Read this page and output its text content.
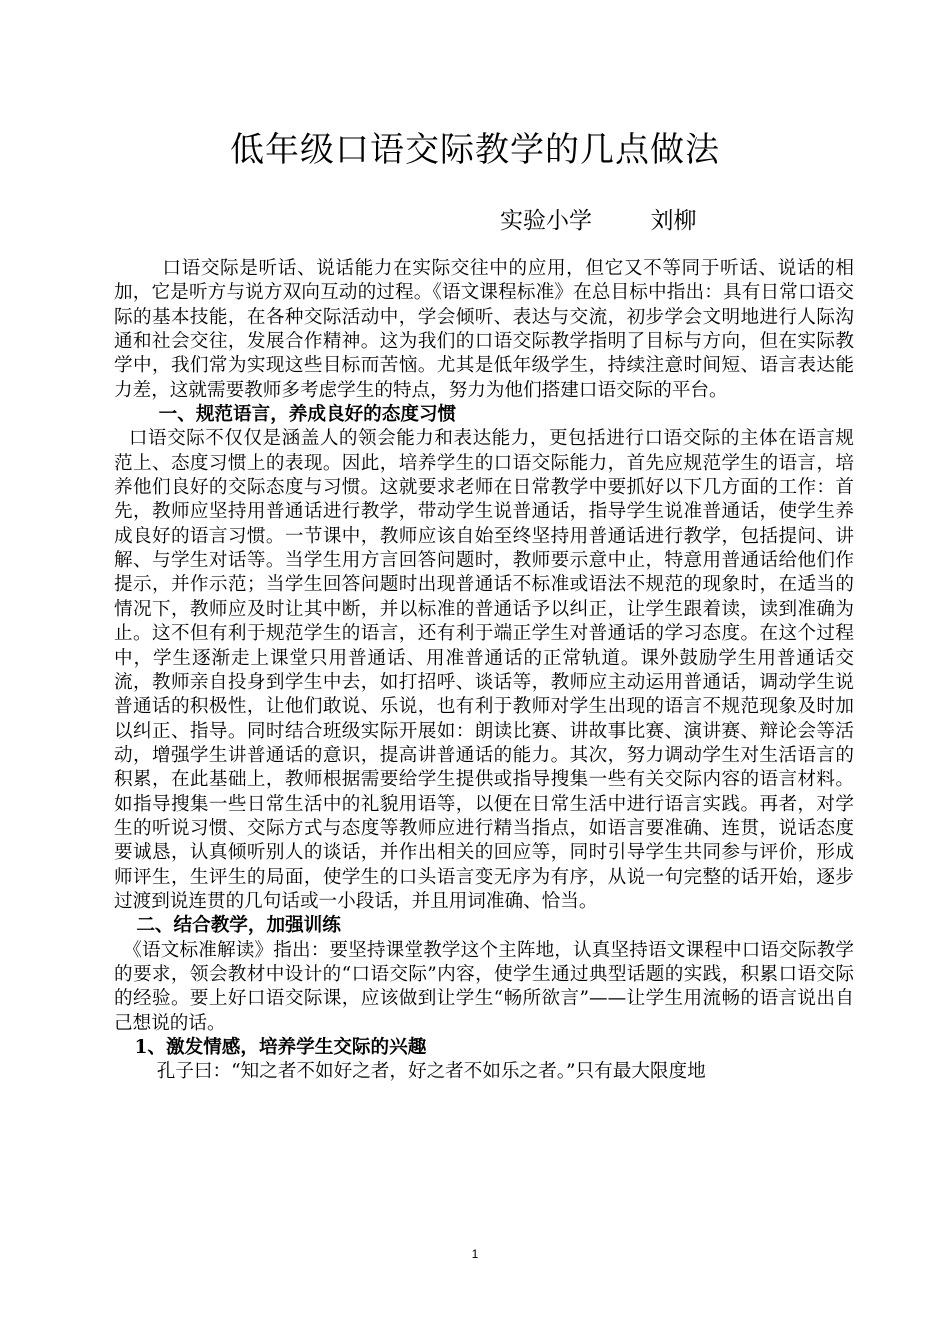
低年级口语交际教学的几点做法
实验小学        刘柳

口语交际是听话、说话能力在实际交往中的应用，但它又不等同于听话、说话的相加，它是听方与说方双向互动的过程。《语文课程标准》在总目标中指出：具有日常口语交际的基本技能，在各种交际活动中，学会倾听、表达与交流，初步学会文明地进行人际沟通和社会交往，发展合作精神。这为我们的口语交际教学指明了目标与方向，但在实际教学中，我们常为实现这些目标而苦恼。尤其是低年级学生，持续注意时间短、语言表达能力差，这就需要教师多考虑学生的特点，努力为他们搭建口语交际的平台。

一、规范语言，养成良好的态度习惯

口语交际不仅仅是涵盖人的领会能力和表达能力，更包括进行口语交际的主体在语言规范上、态度习惯上的表现。因此，培养学生的口语交际能力，首先应规范学生的语言，培养他们良好的交际态度与习惯。这就要求老师在日常教学中要抓好以下几方面的工作：首先，教师应坚持用普通话进行教学，带动学生说普通话，指导学生说准普通话，使学生养成良好的语言习惯。一节课中，教师应该自始至终坚持用普通话进行教学，包括提问、讲解、与学生对话等。当学生用方言回答问题时，教师要示意中止，特意用普通话给他们作提示，并作示范；当学生回答问题时出现普通话不标准或语法不规范的现象时，在适当的情况下，教师应及时让其中断，并以标准的普通话予以纠正，让学生跟着读，读到准确为止。这不但有利于规范学生的语言，还有利于端正学生对普通话的学习态度。在这个过程中，学生逐渐走上课堂只用普通话、用准普通话的正常轨道。课外鼓励学生用普通话交流，教师亲自投身到学生中去，如打招呼、谈话等，教师应主动运用普通话，调动学生说普通话的积极性，让他们敢说、乐说，也有利于教师对学生出现的语言不规范现象及时加以纠正、指导。同时结合班级实际开展如：朗读比赛、讲故事比赛、演讲赛、辩论会等活动，增强学生讲普通话的意识，提高讲普通话的能力。其次，努力调动学生对生活语言的积累，在此基础上，教师根据需要给学生提供或指导搜集一些有关交际内容的语言材料。如指导搜集一些日常生活中的礼貌用语等，以便在日常生活中进行语言实践。再者，对学生的听说习惯、交际方式与态度等教师应进行精当指点，如语言要准确、连贯，说话态度要诚恳，认真倾听别人的谈话，并作出相关的回应等，同时引导学生共同参与评价，形成师评生，生评生的局面，使学生的口头语言变无序为有序，从说一句完整的话开始，逐步过渡到说连贯的几句话或一小段话，并且用词准确、恰当。

二、结合教学，加强训练

《语文标准解读》指出：要坚持课堂教学这个主阵地，认真坚持语文课程中口语交际教学的要求，领会教材中设计的“口语交际”内容，使学生通过典型话题的实践，积累口语交际的经验。要上好口语交际课，应该做到让学生“畅所欲言”——让学生用流畅的语言说出自己想说的话。

1、激发情感，培养学生交际的兴趣

孔子曰：“知之者不如好之者，好之者不如乐之者。”只有最大限度地

1
